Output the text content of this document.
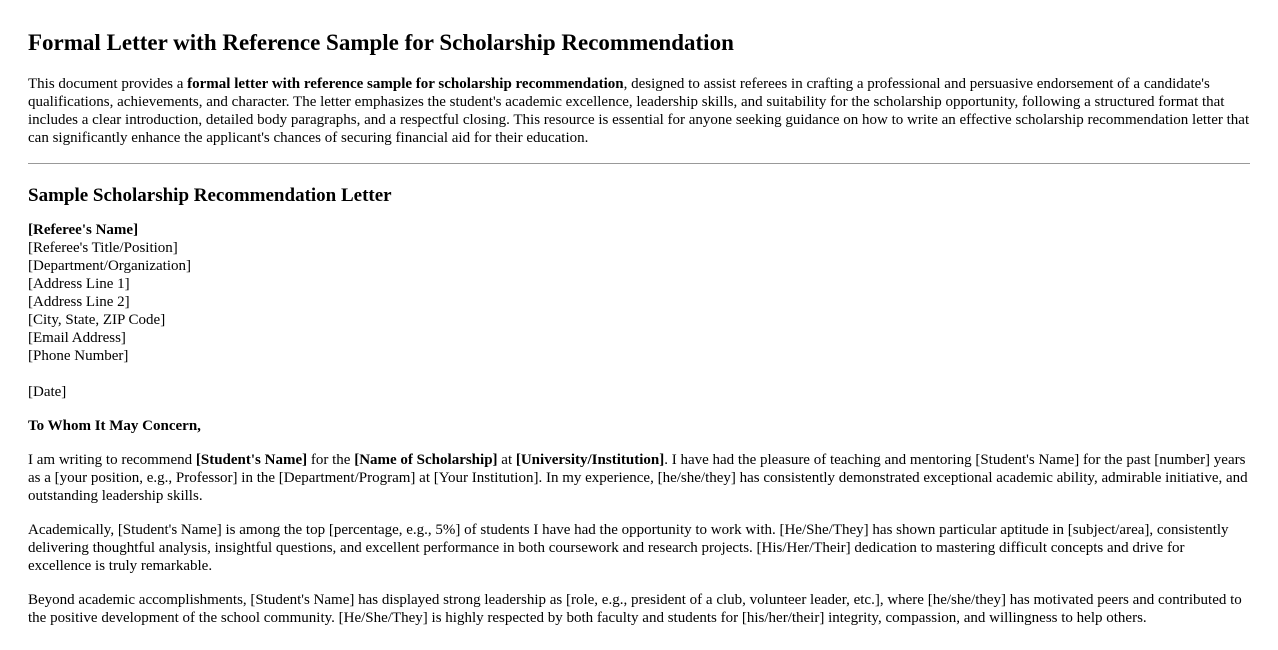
Formal Letter with Reference Sample for Scholarship Recommendation

This document provides a formal letter with reference sample for scholarship recommendation, designed to assist referees in crafting a professional and persuasive endorsement of a candidate's qualifications, achievements, and character. The letter emphasizes the student's academic excellence, leadership skills, and suitability for the scholarship opportunity, following a structured format that includes a clear introduction, detailed body paragraphs, and a respectful closing. This resource is essential for anyone seeking guidance on how to write an effective scholarship recommendation letter that can significantly enhance the applicant's chances of securing financial aid for their education.

Sample Scholarship Recommendation Letter
[Referee's Name]
[Referee's Title/Position]
[Department/Organization]
[Address Line 1]
[Address Line 2]
[City, State, ZIP Code]
[Email Address]
[Phone Number]
[Date]
To Whom It May Concern,

I am writing to recommend [Student's Name] for the [Name of Scholarship] at [University/Institution]. I have had the pleasure of teaching and mentoring [Student's Name] for the past [number] years as a [your position, e.g., Professor] in the [Department/Program] at [Your Institution]. In my experience, [he/she/they] has consistently demonstrated exceptional academic ability, admirable initiative, and outstanding leadership skills.

Academically, [Student's Name] is among the top [percentage, e.g., 5%] of students I have had the opportunity to work with. [He/She/They] has shown particular aptitude in [subject/area], consistently delivering thoughtful analysis, insightful questions, and excellent performance in both coursework and research projects. [His/Her/Their] dedication to mastering difficult concepts and drive for excellence is truly remarkable.

Beyond academic accomplishments, [Student's Name] has displayed strong leadership as [role, e.g., president of a club, volunteer leader, etc.], where [he/she/they] has motivated peers and contributed to the positive development of the school community. [He/She/They] is highly respected by both faculty and students for [his/her/their] integrity, compassion, and willingness to help others.
